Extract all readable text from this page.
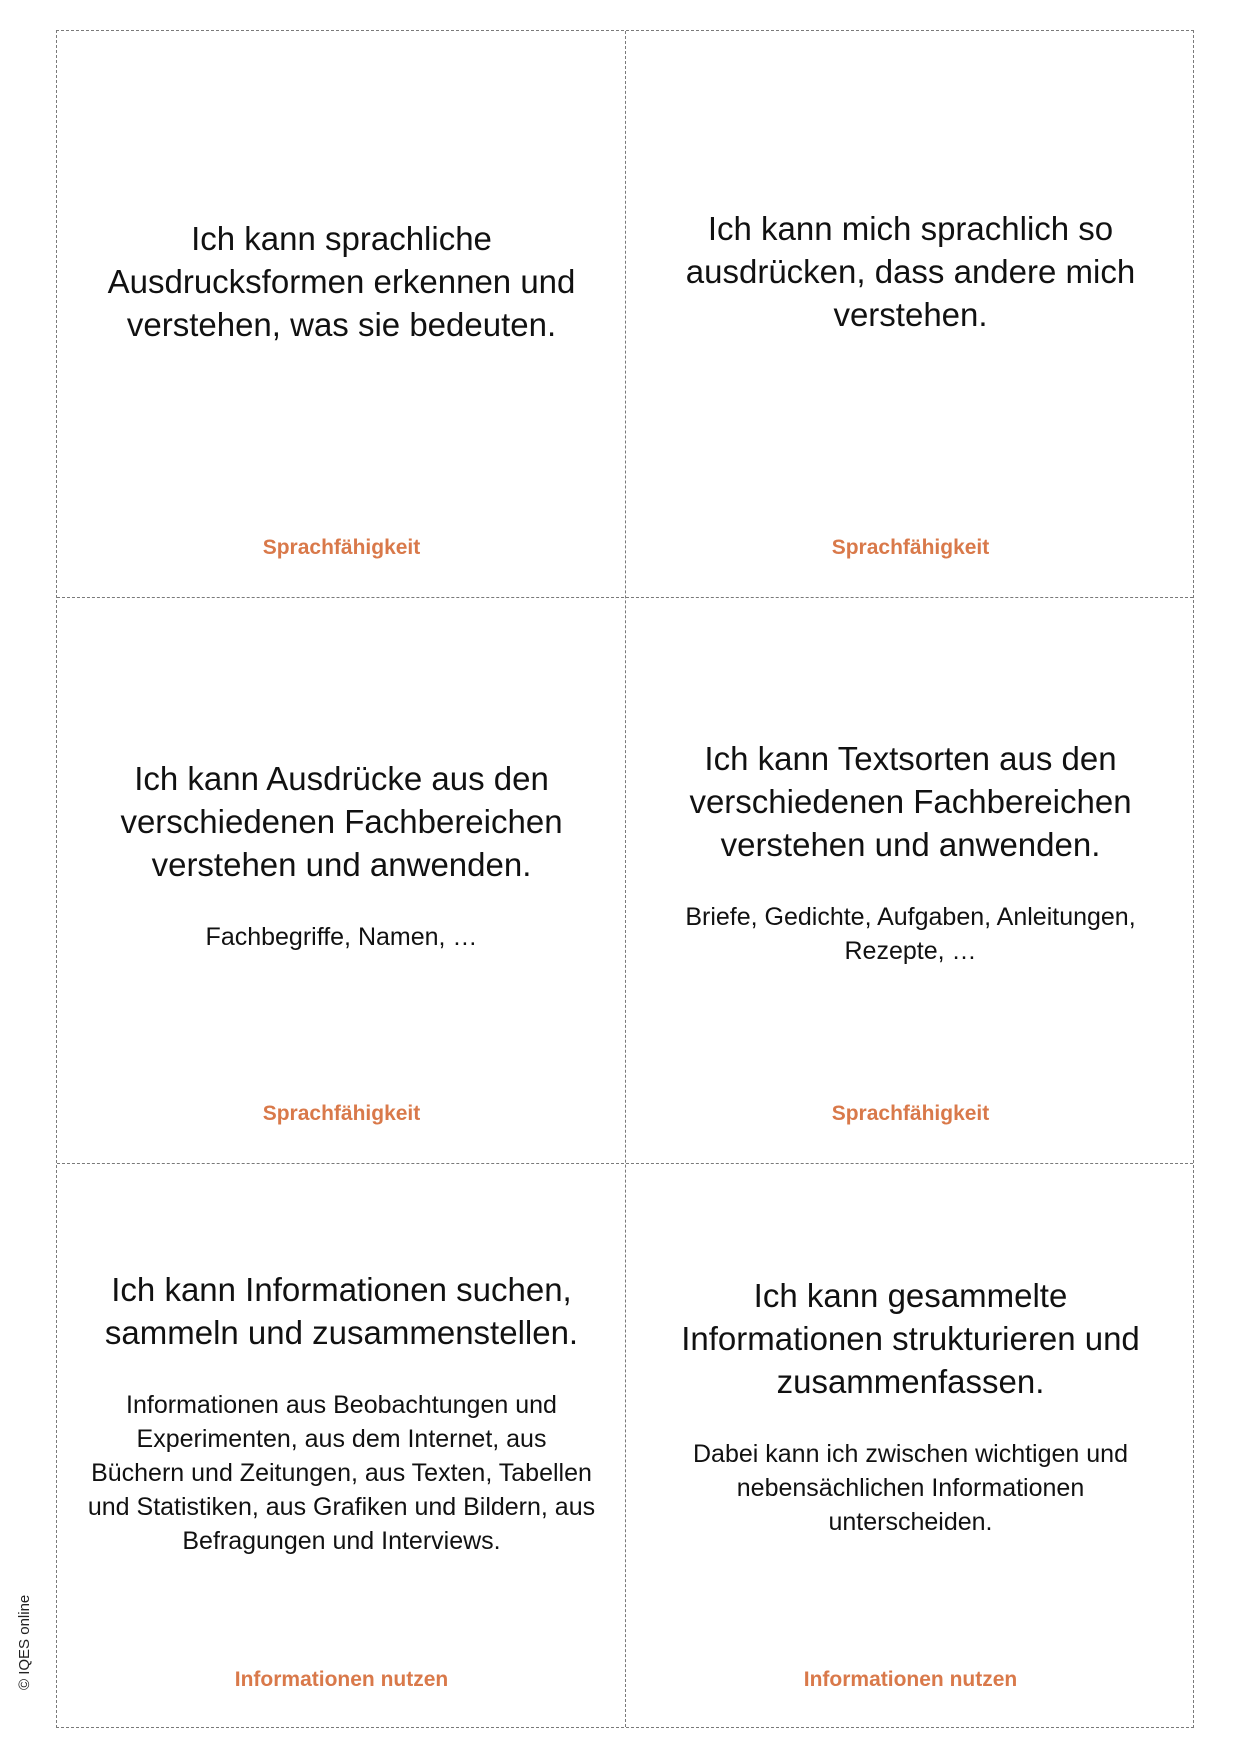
Ich kann sprachliche Ausdrucksformen erkennen und verstehen, was sie bedeuten.

Sprachfähigkeit

Ich kann mich sprachlich so ausdrücken, dass andere mich verstehen.

Sprachfähigkeit

Ich kann Ausdrücke aus den verschiedenen Fachbereichen verstehen und anwenden.

Fachbegriffe, Namen, …

Sprachfähigkeit

Ich kann Textsorten aus den verschiedenen Fachbereichen verstehen und anwenden.

Briefe, Gedichte, Aufgaben, Anleitungen, Rezepte, …

Sprachfähigkeit

Ich kann Informationen suchen, sammeln und zusammenstellen.

Informationen aus Beobachtungen und Experimenten, aus dem Internet, aus Büchern und Zeitungen, aus Texten, Tabellen und Statistiken, aus Grafiken und Bildern, aus Befragungen und Interviews.

Informationen nutzen

Ich kann gesammelte Informationen strukturieren und zusammenfassen.

Dabei kann ich zwischen wichtigen und nebensächlichen Informationen unterscheiden.

Informationen nutzen
© IQES online
